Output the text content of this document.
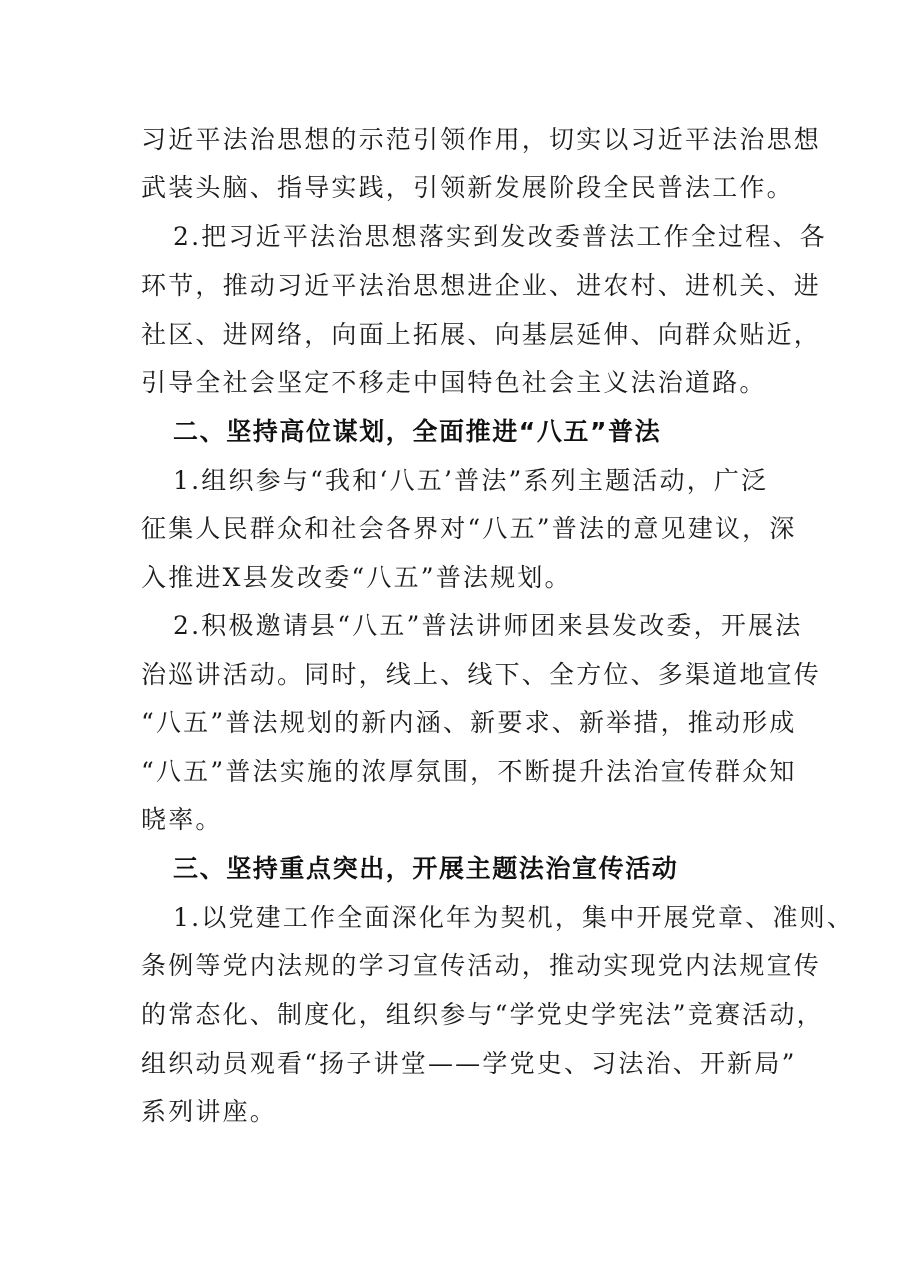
习近平法治思想的示范引领作用，切实以习近平法治思想
武装头脑、指导实践，引领新发展阶段全民普法工作。
2.把习近平法治思想落实到发改委普法工作全过程、各
环节，推动习近平法治思想进企业、进农村、进机关、进
社区、进网络，向面上拓展、向基层延伸、向群众贴近，
引导全社会坚定不移走中国特色社会主义法治道路。
二、坚持高位谋划，全面推进“八五”普法
1.组织参与“我和‘八五’普法”系列主题活动，广泛
征集人民群众和社会各界对“八五”普法的意见建议，深
入推进X县发改委“八五”普法规划。
2.积极邀请县“八五”普法讲师团来县发改委，开展法
治巡讲活动。同时，线上、线下、全方位、多渠道地宣传
“八五”普法规划的新内涵、新要求、新举措，推动形成
“八五”普法实施的浓厚氛围，不断提升法治宣传群众知
晓率。
三、坚持重点突出，开展主题法治宣传活动
1.以党建工作全面深化年为契机，集中开展党章、准则、
条例等党内法规的学习宣传活动，推动实现党内法规宣传
的常态化、制度化，组织参与“学党史学宪法”竞赛活动，
组织动员观看“扬子讲堂——学党史、习法治、开新局”
系列讲座。
